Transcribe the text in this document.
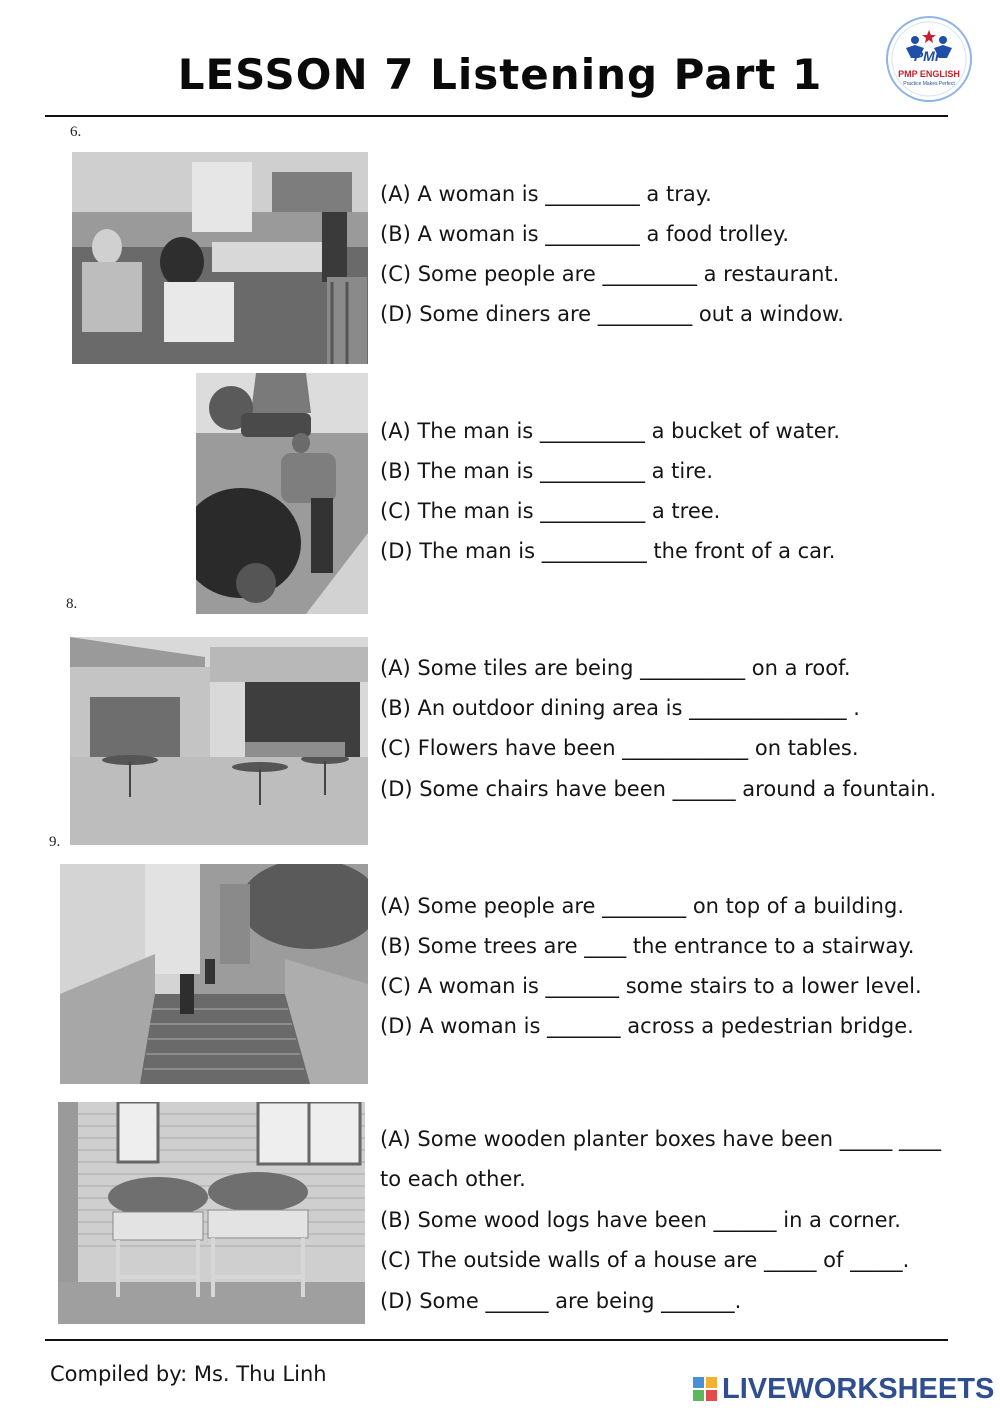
LESSON 7 Listening Part 1	PMP
PMP ENGLISH
Practice Makes Perfect
6.
(A) A woman is _________ a tray.
(B) A woman is _________ a food trolley.
(C) Some people are _________ a restaurant.
(D) Some diners are _________ out a window.
(A) The man is __________ a bucket of water.
(B) The man is __________ a tire.
(C) The man is __________ a tree.
(D) The man is __________ the front of a car.
8.
(A) Some tiles are being __________ on a roof.
(B) An outdoor dining area is _______________ .
(C) Flowers have been ____________ on tables.
(D) Some chairs have been ______ around a fountain.
9.
(A) Some people are ________ on top of a building.
(B) Some trees are ____ the entrance to a stairway.
(C) A woman is _______ some stairs to a lower level.
(D) A woman is _______ across a pedestrian bridge.
(A) Some wooden planter boxes have been _____ ____
to each other.
(B) Some wood logs have been ______ in a corner.
(C) The outside walls of a house are _____ of _____.
(D) Some ______ are being _______.
Compiled by: Ms. Thu Linh	LIVEWORKSHEETS
